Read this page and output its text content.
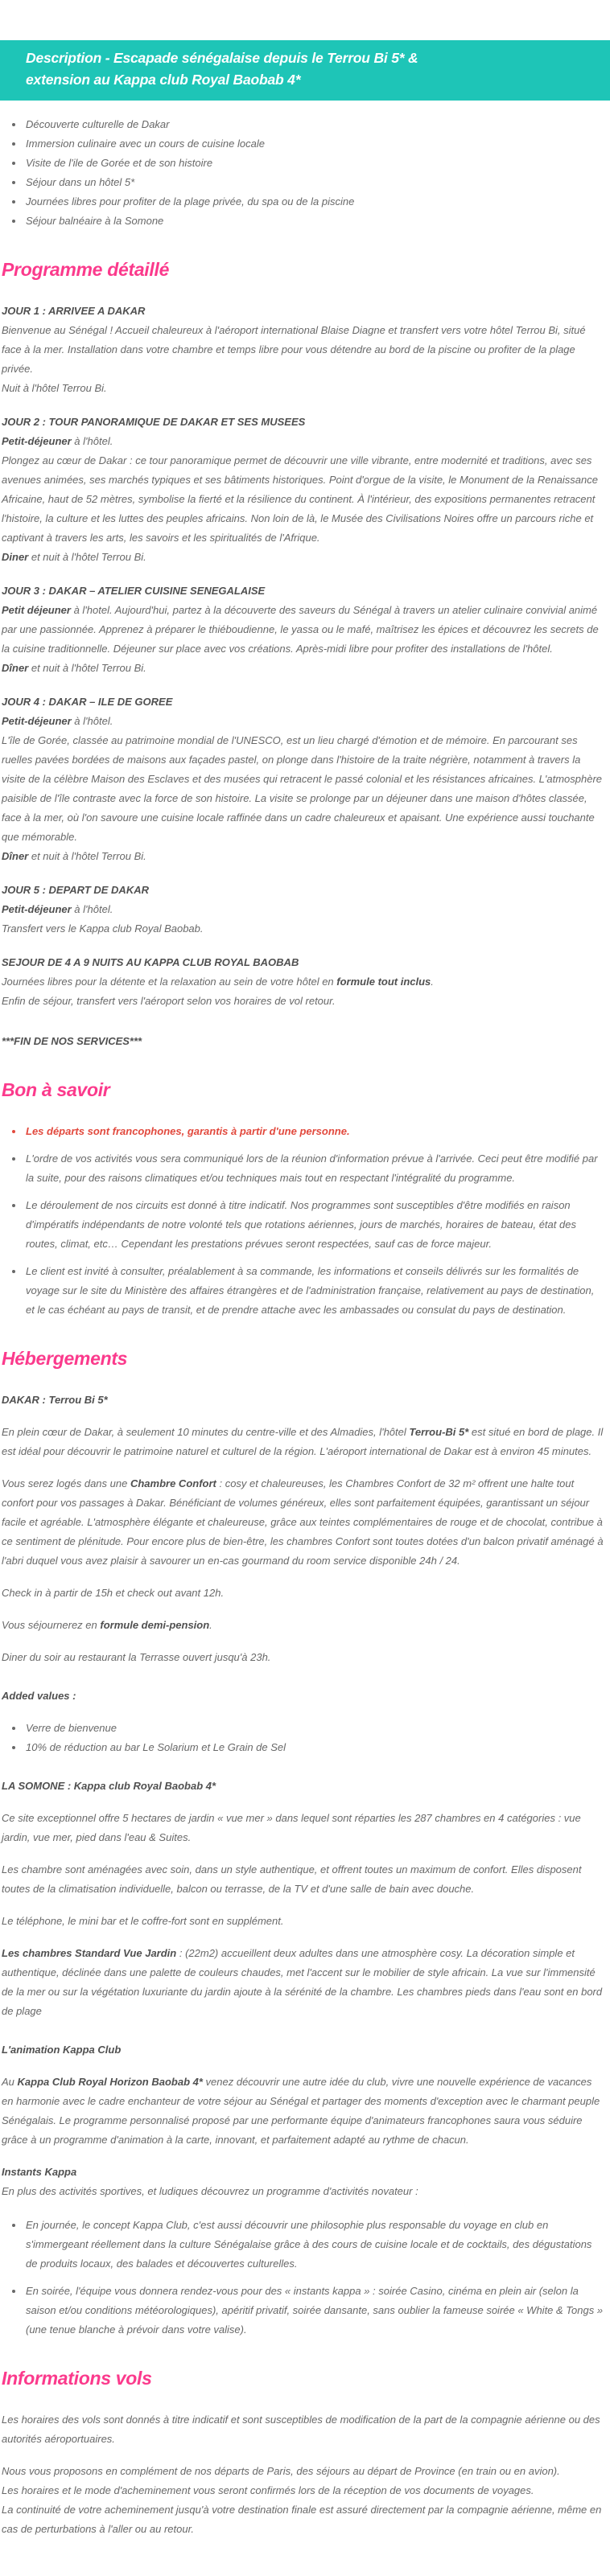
Description - Escapade sénégalaise depuis le Terrou Bi 5* & extension au Kappa club Royal Baobab 4*
• Découverte culturelle de Dakar
• Immersion culinaire avec un cours de cuisine locale
• Visite de l'ile de Gorée et de son histoire
• Séjour dans un hôtel 5*
• Journées libres pour profiter de la plage privée, du spa ou de la piscine
• Séjour balnéaire à la Somone
Programme détaillé
JOUR 1 : ARRIVEE A DAKAR
Bienvenue au Sénégal ! Accueil chaleureux à l'aéroport international Blaise Diagne et transfert vers votre hôtel Terrou Bi, situé face à la mer. Installation dans votre chambre et temps libre pour vous détendre au bord de la piscine ou profiter de la plage privée.
Nuit à l'hôtel Terrou Bi.
JOUR 2 : TOUR PANORAMIQUE DE DAKAR ET SES MUSEES
Petit-déjeuner à l'hôtel.
Plongez au cœur de Dakar : ce tour panoramique permet de découvrir une ville vibrante, entre modernité et traditions, avec ses avenues animées, ses marchés typiques et ses bâtiments historiques. Point d'orgue de la visite, le Monument de la Renaissance Africaine, haut de 52 mètres, symbolise la fierté et la résilience du continent. À l'intérieur, des expositions permanentes retracent l'histoire, la culture et les luttes des peuples africains. Non loin de là, le Musée des Civilisations Noires offre un parcours riche et captivant à travers les arts, les savoirs et les spiritualités de l'Afrique.
Diner et nuit à l'hôtel Terrou Bi.
JOUR 3 : DAKAR – ATELIER CUISINE SENEGALAISE
Petit déjeuner à l'hotel. Aujourd'hui, partez à la découverte des saveurs du Sénégal à travers un atelier culinaire convivial animé par une passionnée. Apprenez à préparer le thiéboudienne, le yassa ou le mafé, maîtrisez les épices et découvrez les secrets de la cuisine traditionnelle. Déjeuner sur place avec vos créations. Après-midi libre pour profiter des installations de l'hôtel.
Dîner et nuit à l'hôtel Terrou Bi.
JOUR 4 : DAKAR – ILE DE GOREE
Petit-déjeuner à l'hôtel.
L'île de Gorée, classée au patrimoine mondial de l'UNESCO, est un lieu chargé d'émotion et de mémoire. En parcourant ses ruelles pavées bordées de maisons aux façades pastel, on plonge dans l'histoire de la traite négrière, notamment à travers la visite de la célèbre Maison des Esclaves et des musées qui retracent le passé colonial et les résistances africaines. L'atmosphère paisible de l'île contraste avec la force de son histoire. La visite se prolonge par un déjeuner dans une maison d'hôtes classée, face à la mer, où l'on savoure une cuisine locale raffinée dans un cadre chaleureux et apaisant. Une expérience aussi touchante que mémorable.
Dîner et nuit à l'hôtel Terrou Bi.
JOUR 5 : DEPART DE DAKAR
Petit-déjeuner à l'hôtel.
Transfert vers le Kappa club Royal Baobab.
SEJOUR DE 4 A 9 NUITS AU KAPPA CLUB ROYAL BAOBAB
Journées libres pour la détente et la relaxation au sein de votre hôtel en formule tout inclus.
Enfin de séjour, transfert vers l'aéroport selon vos horaires de vol retour.
***FIN DE NOS SERVICES***
Bon à savoir
• Les départs sont francophones, garantis à partir d'une personne.
• L'ordre de vos activités vous sera communiqué lors de la réunion d'information prévue à l'arrivée. Ceci peut être modifié par la suite, pour des raisons climatiques et/ou techniques mais tout en respectant l'intégralité du programme.
• Le déroulement de nos circuits est donné à titre indicatif. Nos programmes sont susceptibles d'être modifiés en raison d'impératifs indépendants de notre volonté tels que rotations aériennes, jours de marchés, horaires de bateau, état des routes, climat, etc… Cependant les prestations prévues seront respectées, sauf cas de force majeur.
• Le client est invité à consulter, préalablement à sa commande, les informations et conseils délivrés sur les formalités de voyage sur le site du Ministère des affaires étrangères et de l'administration française, relativement au pays de destination, et le cas échéant au pays de transit, et de prendre attache avec les ambassades ou consulat du pays de destination.
Hébergements

DAKAR : Terrou Bi 5*

En plein cœur de Dakar, à seulement 10 minutes du centre-ville et des Almadies, l'hôtel Terrou-Bi 5* est situé en bord de plage. Il est idéal pour découvrir le patrimoine naturel et culturel de la région. L'aéroport international de Dakar est à environ 45 minutes.

Vous serez logés dans une Chambre Confort : cosy et chaleureuses, les Chambres Confort de 32 m² offrent une halte tout confort pour vos passages à Dakar. Bénéficiant de volumes généreux, elles sont parfaitement équipées, garantissant un séjour facile et agréable. L'atmosphère élégante et chaleureuse, grâce aux teintes complémentaires de rouge et de chocolat, contribue à ce sentiment de plénitude. Pour encore plus de bien-être, les chambres Confort sont toutes dotées d'un balcon privatif aménagé à l'abri duquel vous avez plaisir à savourer un en-cas gourmand du room service disponible 24h / 24.

Check in à partir de 15h et check out avant 12h.

Vous séjournerez en formule demi-pension.

Diner du soir au restaurant la Terrasse ouvert jusqu'à 23h.

Added values :

• Verre de bienvenue
• 10% de réduction au bar Le Solarium et Le Grain de Sel

LA SOMONE : Kappa club Royal Baobab 4*

Ce site exceptionnel offre 5 hectares de jardin « vue mer » dans lequel sont réparties les 287 chambres en 4 catégories : vue jardin, vue mer, pied dans l'eau & Suites.

Les chambre sont aménagées avec soin, dans un style authentique, et offrent toutes un maximum de confort. Elles disposent toutes de la climatisation individuelle, balcon ou terrasse, de la TV et d'une salle de bain avec douche.

Le téléphone, le mini bar et le coffre-fort sont en supplément.

Les chambres Standard Vue Jardin : (22m2) accueillent deux adultes dans une atmosphère cosy. La décoration simple et authentique, déclinée dans une palette de couleurs chaudes, met l'accent sur le mobilier de style africain. La vue sur l'immensité de la mer ou sur la végétation luxuriante du jardin ajoute à la sérénité de la chambre. Les chambres pieds dans l'eau sont en bord de plage

L'animation Kappa Club

Au Kappa Club Royal Horizon Baobab 4* venez découvrir une autre idée du club, vivre une nouvelle expérience de vacances en harmonie avec le cadre enchanteur de votre séjour au Sénégal et partager des moments d'exception avec le charmant peuple Sénégalais. Le programme personnalisé proposé par une performante équipe d'animateurs francophones saura vous séduire grâce à un programme d'animation à la carte, innovant, et parfaitement adapté au rythme de chacun.

Instants Kappa
En plus des activités sportives, et ludiques découvrez un programme d'activités novateur :
• En journée, le concept Kappa Club, c'est aussi découvrir une philosophie plus responsable du voyage en club en s'immergeant réellement dans la culture Sénégalaise grâce à des cours de cuisine locale et de cocktails, des dégustations de produits locaux, des balades et découvertes culturelles.
• En soirée, l'équipe vous donnera rendez-vous pour des « instants kappa » : soirée Casino, cinéma en plein air (selon la saison et/ou conditions météorologiques), apéritif privatif, soirée dansante, sans oublier la fameuse soirée « White & Tongs » (une tenue blanche à prévoir dans votre valise).
Informations vols

Les horaires des vols sont donnés à titre indicatif et sont susceptibles de modification de la part de la compagnie aérienne ou des autorités aéroportuaires.

Nous vous proposons en complément de nos départs de Paris, des séjours au départ de Province (en train ou en avion).
Les horaires et le mode d'acheminement vous seront confirmés lors de la réception de vos documents de voyages.
La continuité de votre acheminement jusqu'à votre destination finale est assuré directement par la compagnie aérienne, même en cas de perturbations à l'aller ou au retour.
